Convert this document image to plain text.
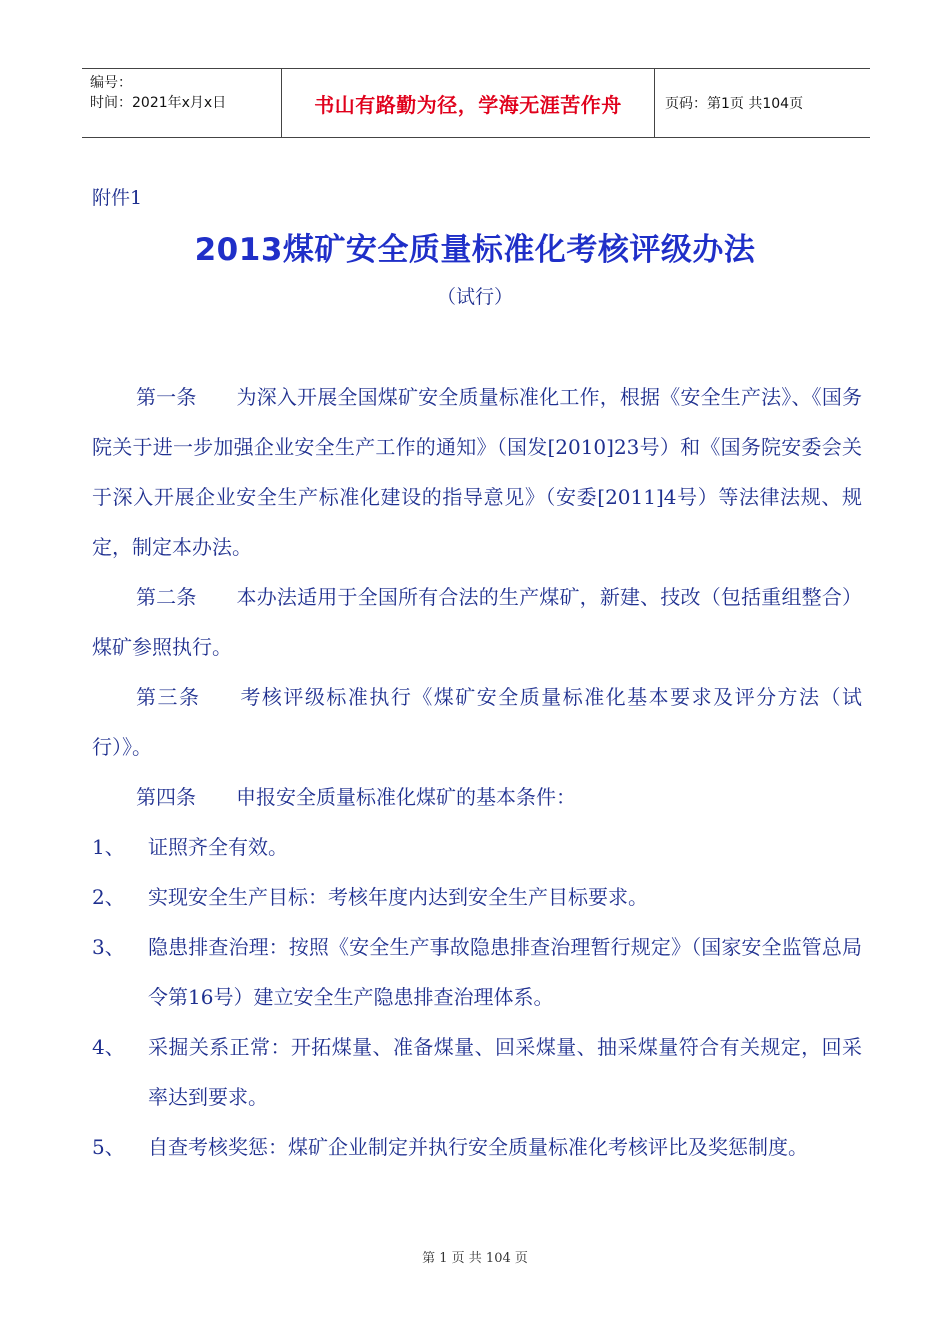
编号：
时间：2021年x月x日	书山有路勤为径，学海无涯苦作舟	页码：第1页 共104页
附件1
2013煤矿安全质量标准化考核评级办法
（试行）

第一条 为深入开展全国煤矿安全质量标准化工作，根据《安全生产法》、《国务院关于进一步加强企业安全生产工作的通知》（国发[2010]23号）和《国务院安委会关于深入开展企业安全生产标准化建设的指导意见》（安委[2011]4号）等法律法规、规定，制定本办法。

第二条 本办法适用于全国所有合法的生产煤矿，新建、技改（包括重组整合）煤矿参照执行。

第三条 考核评级标准执行《煤矿安全质量标准化基本要求及评分方法（试行）》。

第四条 申报安全质量标准化煤矿的基本条件：

1、 证照齐全有效。

2、 实现安全生产目标：考核年度内达到安全生产目标要求。

3、 隐患排查治理：按照《安全生产事故隐患排查治理暂行规定》（国家安全监管总局令第16号）建立安全生产隐患排查治理体系。

4、 采掘关系正常：开拓煤量、准备煤量、回采煤量、抽采煤量符合有关规定，回采率达到要求。

5、 自查考核奖惩：煤矿企业制定并执行安全质量标准化考核评比及奖惩制度。

第 1 页 共 104 页
